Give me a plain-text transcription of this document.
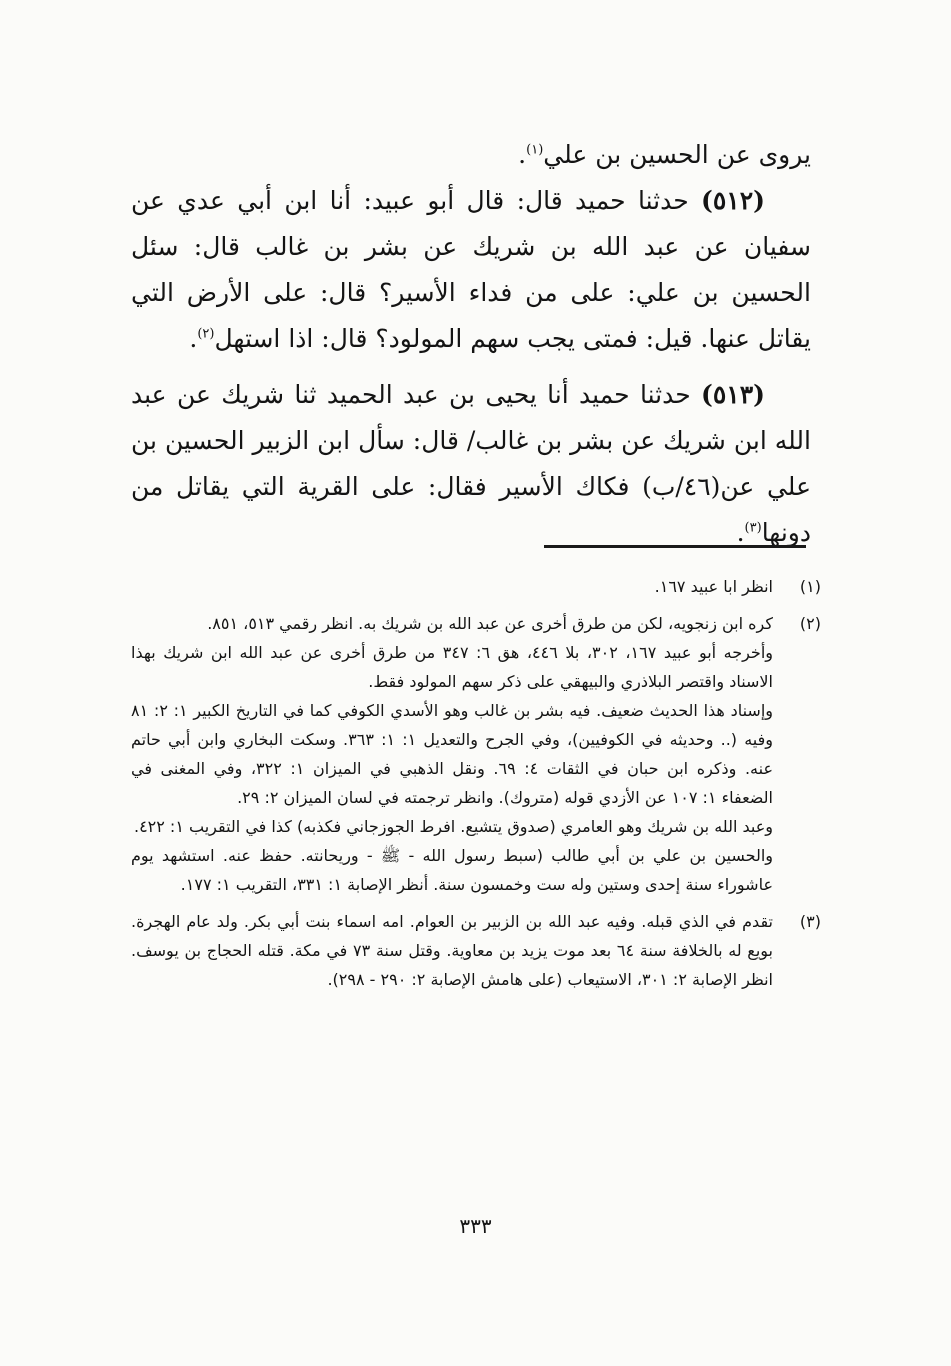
يروى عن الحسين بن علي$^{(١)}$.

(٥١٢) حدثنا حميد قال: قال أبو عبيد: أنا ابن أبي عدي عن سفيان عن عبد الله بن شريك عن بشر بن غالب قال: سئل الحسين بن علي: على من فداء الأسير؟ قال: على الأرض التي يقاتل عنها. قيل: فمتى يجب سهم المولود؟ قال: اذا استهل$^{(٢)}$.

(٥١٣) حدثنا حميد أنا يحيى بن عبد الحميد ثنا شريك عن عبد الله ابن شريك عن بشر بن غالب/ قال: سأل ابن الزبير الحسين بن علي عن(٤٦/ب) فكاك الأسير فقال: على القرية التي يقاتل من دونها$^{(٣)}$.

(١)

انظر ابا عبيد ١٦٧.

(٢)

كره ابن زنجويه، لكن من طرق أخرى عن عبد الله بن شريك به. انظر رقمي ٥١٣، ٨٥١.

وأخرجه أبو عبيد ١٦٧، ٣٠٢، بلا ٤٤٦، هق ٦: ٣٤٧ من طرق أخرى عن عبد الله ابن شريك بهذا الاسناد واقتصر البلاذري والبيهقي على ذكر سهم المولود فقط.

وإسناد هذا الحديث ضعيف. فيه بشر بن غالب وهو الأسدي الكوفي كما في التاريخ الكبير ١: ٢: ٨١ وفيه (.. وحديثه في الكوفيين)، وفي الجرح والتعديل ١: ١: ٣٦٣. وسكت البخاري وابن أبي حاتم عنه. وذكره ابن حبان في الثقات ٤: ٦٩. ونقل الذهبي في الميزان ١: ٣٢٢، وفي المغنى في الضعفاء ١: ١٠٧ عن الأزدي قوله (متروك). وانظر ترجمته في لسان الميزان ٢: ٢٩.

وعبد الله بن شريك وهو العامري (صدوق يتشيع. افرط الجوزجاني فكذبه) كذا في التقريب ١: ٤٢٢.

والحسين بن علي بن أبي طالب (سبط رسول الله - ﷺ - وريحانته. حفظ عنه. استشهد يوم عاشوراء سنة إحدى وستين وله ست وخمسون سنة. أنظر الإصابة ١: ٣٣١، التقريب ١: ١٧٧.

(٣)

تقدم في الذي قبله. وفيه عبد الله بن الزبير بن العوام. امه اسماء بنت أبي بكر. ولد عام الهجرة. بويع له بالخلافة سنة ٦٤ بعد موت يزيد بن معاوية. وقتل سنة ٧٣ في مكة. قتله الحجاج بن يوسف. انظر الإصابة ٢: ٣٠١، الاستيعاب (على هامش الإصابة ٢: ٢٩٠ - ٢٩٨).

٣٣٣
